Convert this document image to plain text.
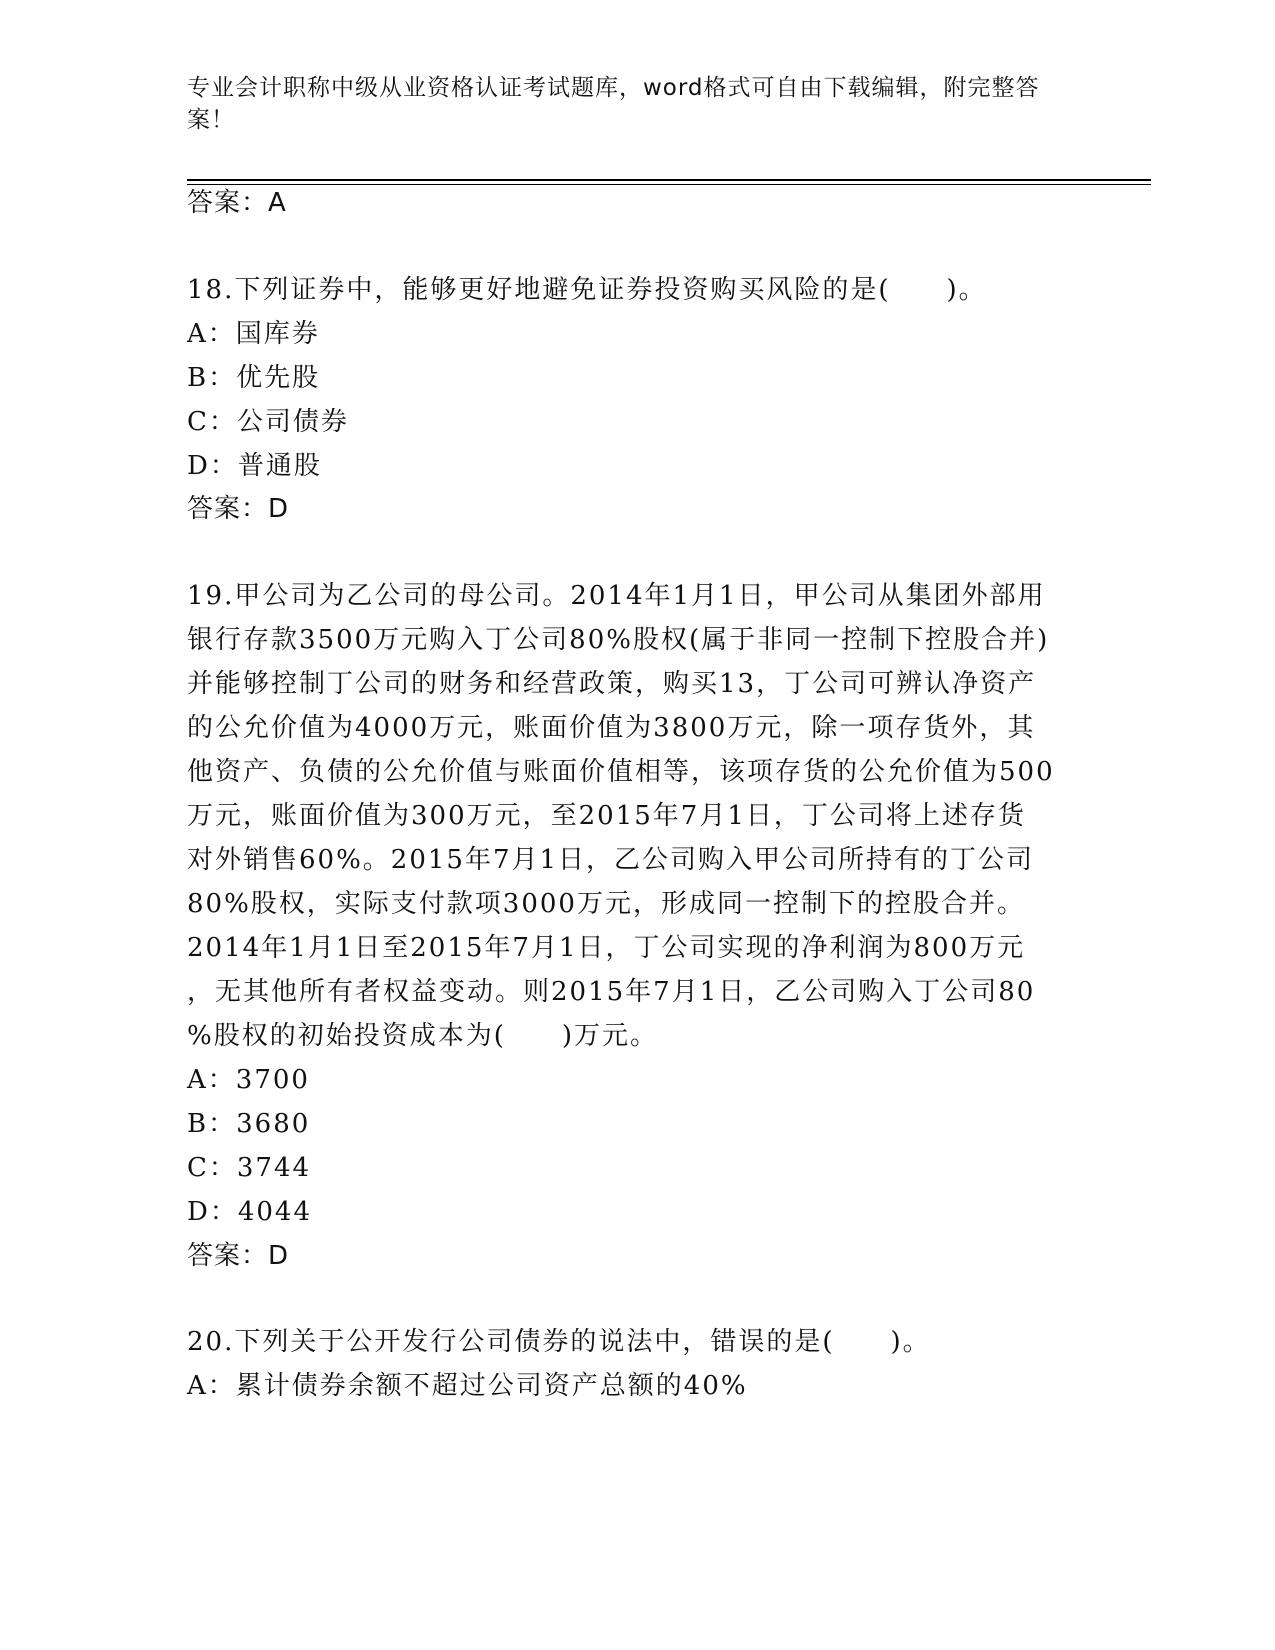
专业会计职称中级从业资格认证考试题库，word格式可自由下载编辑，附完整答案！
答案：A
18.下列证券中，能够更好地避免证券投资购买风险的是(　　)。
A：国库券
B：优先股
C：公司债券
D：普通股
答案：D
19.甲公司为乙公司的母公司。2014年1月1日，甲公司从集团外部用
银行存款3500万元购入丁公司80%股权(属于非同一控制下控股合并)
并能够控制丁公司的财务和经营政策，购买13，丁公司可辨认净资产
的公允价值为4000万元，账面价值为3800万元，除一项存货外，其
他资产、负债的公允价值与账面价值相等，该项存货的公允价值为500
万元，账面价值为300万元，至2015年7月1日，丁公司将上述存货
对外销售60%。2015年7月1日，乙公司购入甲公司所持有的丁公司
80%股权，实际支付款项3000万元，形成同一控制下的控股合并。
2014年1月1日至2015年7月1日，丁公司实现的净利润为800万元
，无其他所有者权益变动。则2015年7月1日，乙公司购入丁公司80
%股权的初始投资成本为(　　)万元。
A：3700
B：3680
C：3744
D：4044
答案：D
20.下列关于公开发行公司债券的说法中，错误的是(　　)。
A：累计债券余额不超过公司资产总额的40%
